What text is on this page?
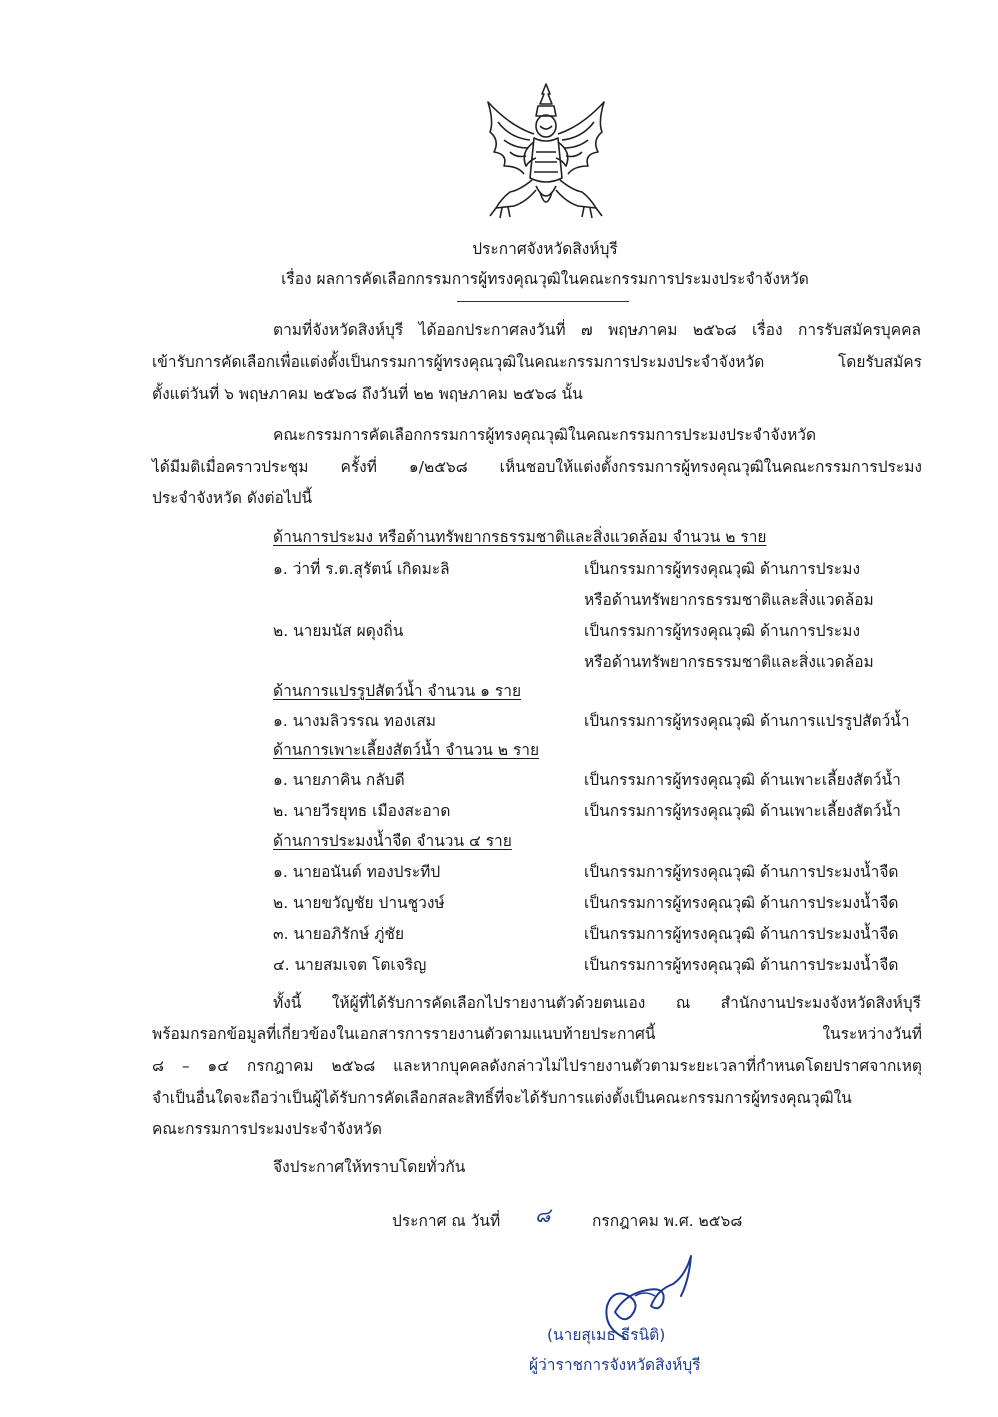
ประกาศจังหวัดสิงห์บุรี
เรื่อง ผลการคัดเลือกกรรมการผู้ทรงคุณวุฒิในคณะกรรมการประมงประจำจังหวัด
ตามที่จังหวัดสิงห์บุรี ได้ออกประกาศลงวันที่ ๗ พฤษภาคม ๒๕๖๘ เรื่อง การรับสมัครบุคคล
เข้ารับการคัดเลือกเพื่อแต่งตั้งเป็นกรรมการผู้ทรงคุณวุฒิในคณะกรรมการประมงประจำจังหวัด โดยรับสมัคร
ตั้งแต่วันที่ ๖ พฤษภาคม ๒๕๖๘ ถึงวันที่ ๒๒ พฤษภาคม ๒๕๖๘ นั้น
คณะกรรมการคัดเลือกกรรมการผู้ทรงคุณวุฒิในคณะกรรมการประมงประจำจังหวัด
ได้มีมติเมื่อคราวประชุม ครั้งที่ ๑/๒๕๖๘ เห็นชอบให้แต่งตั้งกรรมการผู้ทรงคุณวุฒิในคณะกรรมการประมง
ประจำจังหวัด ดังต่อไปนี้
ด้านการประมง หรือด้านทรัพยากรธรรมชาติและสิ่งแวดล้อม จำนวน ๒ ราย
๑. ว่าที่ ร.ต.สุรัตน์ เกิดมะลิ	เป็นกรรมการผู้ทรงคุณวุฒิ ด้านการประมง
หรือด้านทรัพยากรธรรมชาติและสิ่งแวดล้อม
๒. นายมนัส ผดุงถิ่น	เป็นกรรมการผู้ทรงคุณวุฒิ ด้านการประมง
หรือด้านทรัพยากรธรรมชาติและสิ่งแวดล้อม
ด้านการแปรรูปสัตว์น้ำ จำนวน ๑ ราย
๑. นางมลิวรรณ ทองเสม	เป็นกรรมการผู้ทรงคุณวุฒิ ด้านการแปรรูปสัตว์น้ำ
ด้านการเพาะเลี้ยงสัตว์น้ำ จำนวน ๒ ราย
๑. นายภาคิน กลับดี	เป็นกรรมการผู้ทรงคุณวุฒิ ด้านเพาะเลี้ยงสัตว์น้ำ
๒. นายวีรยุทธ เมืองสะอาด	เป็นกรรมการผู้ทรงคุณวุฒิ ด้านเพาะเลี้ยงสัตว์น้ำ
ด้านการประมงน้ำจืด จำนวน ๔ ราย
๑. นายอนันต์ ทองประทีป	เป็นกรรมการผู้ทรงคุณวุฒิ ด้านการประมงน้ำจืด
๒. นายขวัญชัย ปานชูวงษ์	เป็นกรรมการผู้ทรงคุณวุฒิ ด้านการประมงน้ำจืด
๓. นายอภิรักษ์ ภู่ชัย	เป็นกรรมการผู้ทรงคุณวุฒิ ด้านการประมงน้ำจืด
๔. นายสมเจต โตเจริญ	เป็นกรรมการผู้ทรงคุณวุฒิ ด้านการประมงน้ำจืด
ทั้งนี้ ให้ผู้ที่ได้รับการคัดเลือกไปรายงานตัวด้วยตนเอง ณ สำนักงานประมงจังหวัดสิงห์บุรี
พร้อมกรอกข้อมูลที่เกี่ยวข้องในเอกสารการรายงานตัวตามแนบท้ายประกาศนี้ ในระหว่างวันที่
๘ – ๑๔ กรกฎาคม ๒๕๖๘ และหากบุคคลดังกล่าวไม่ไปรายงานตัวตามระยะเวลาที่กำหนดโดยปราศจากเหตุ
จำเป็นอื่นใดจะถือว่าเป็นผู้ได้รับการคัดเลือกสละสิทธิ์ที่จะได้รับการแต่งตั้งเป็นคณะกรรมการผู้ทรงคุณวุฒิใน
คณะกรรมการประมงประจำจังหวัด
จึงประกาศให้ทราบโดยทั่วกัน
ประกาศ ณ วันที่ ๘	กรกฎาคม พ.ศ. ๒๕๖๘
(นายสุเมธ ธีรนิติ)
ผู้ว่าราชการจังหวัดสิงห์บุรี
